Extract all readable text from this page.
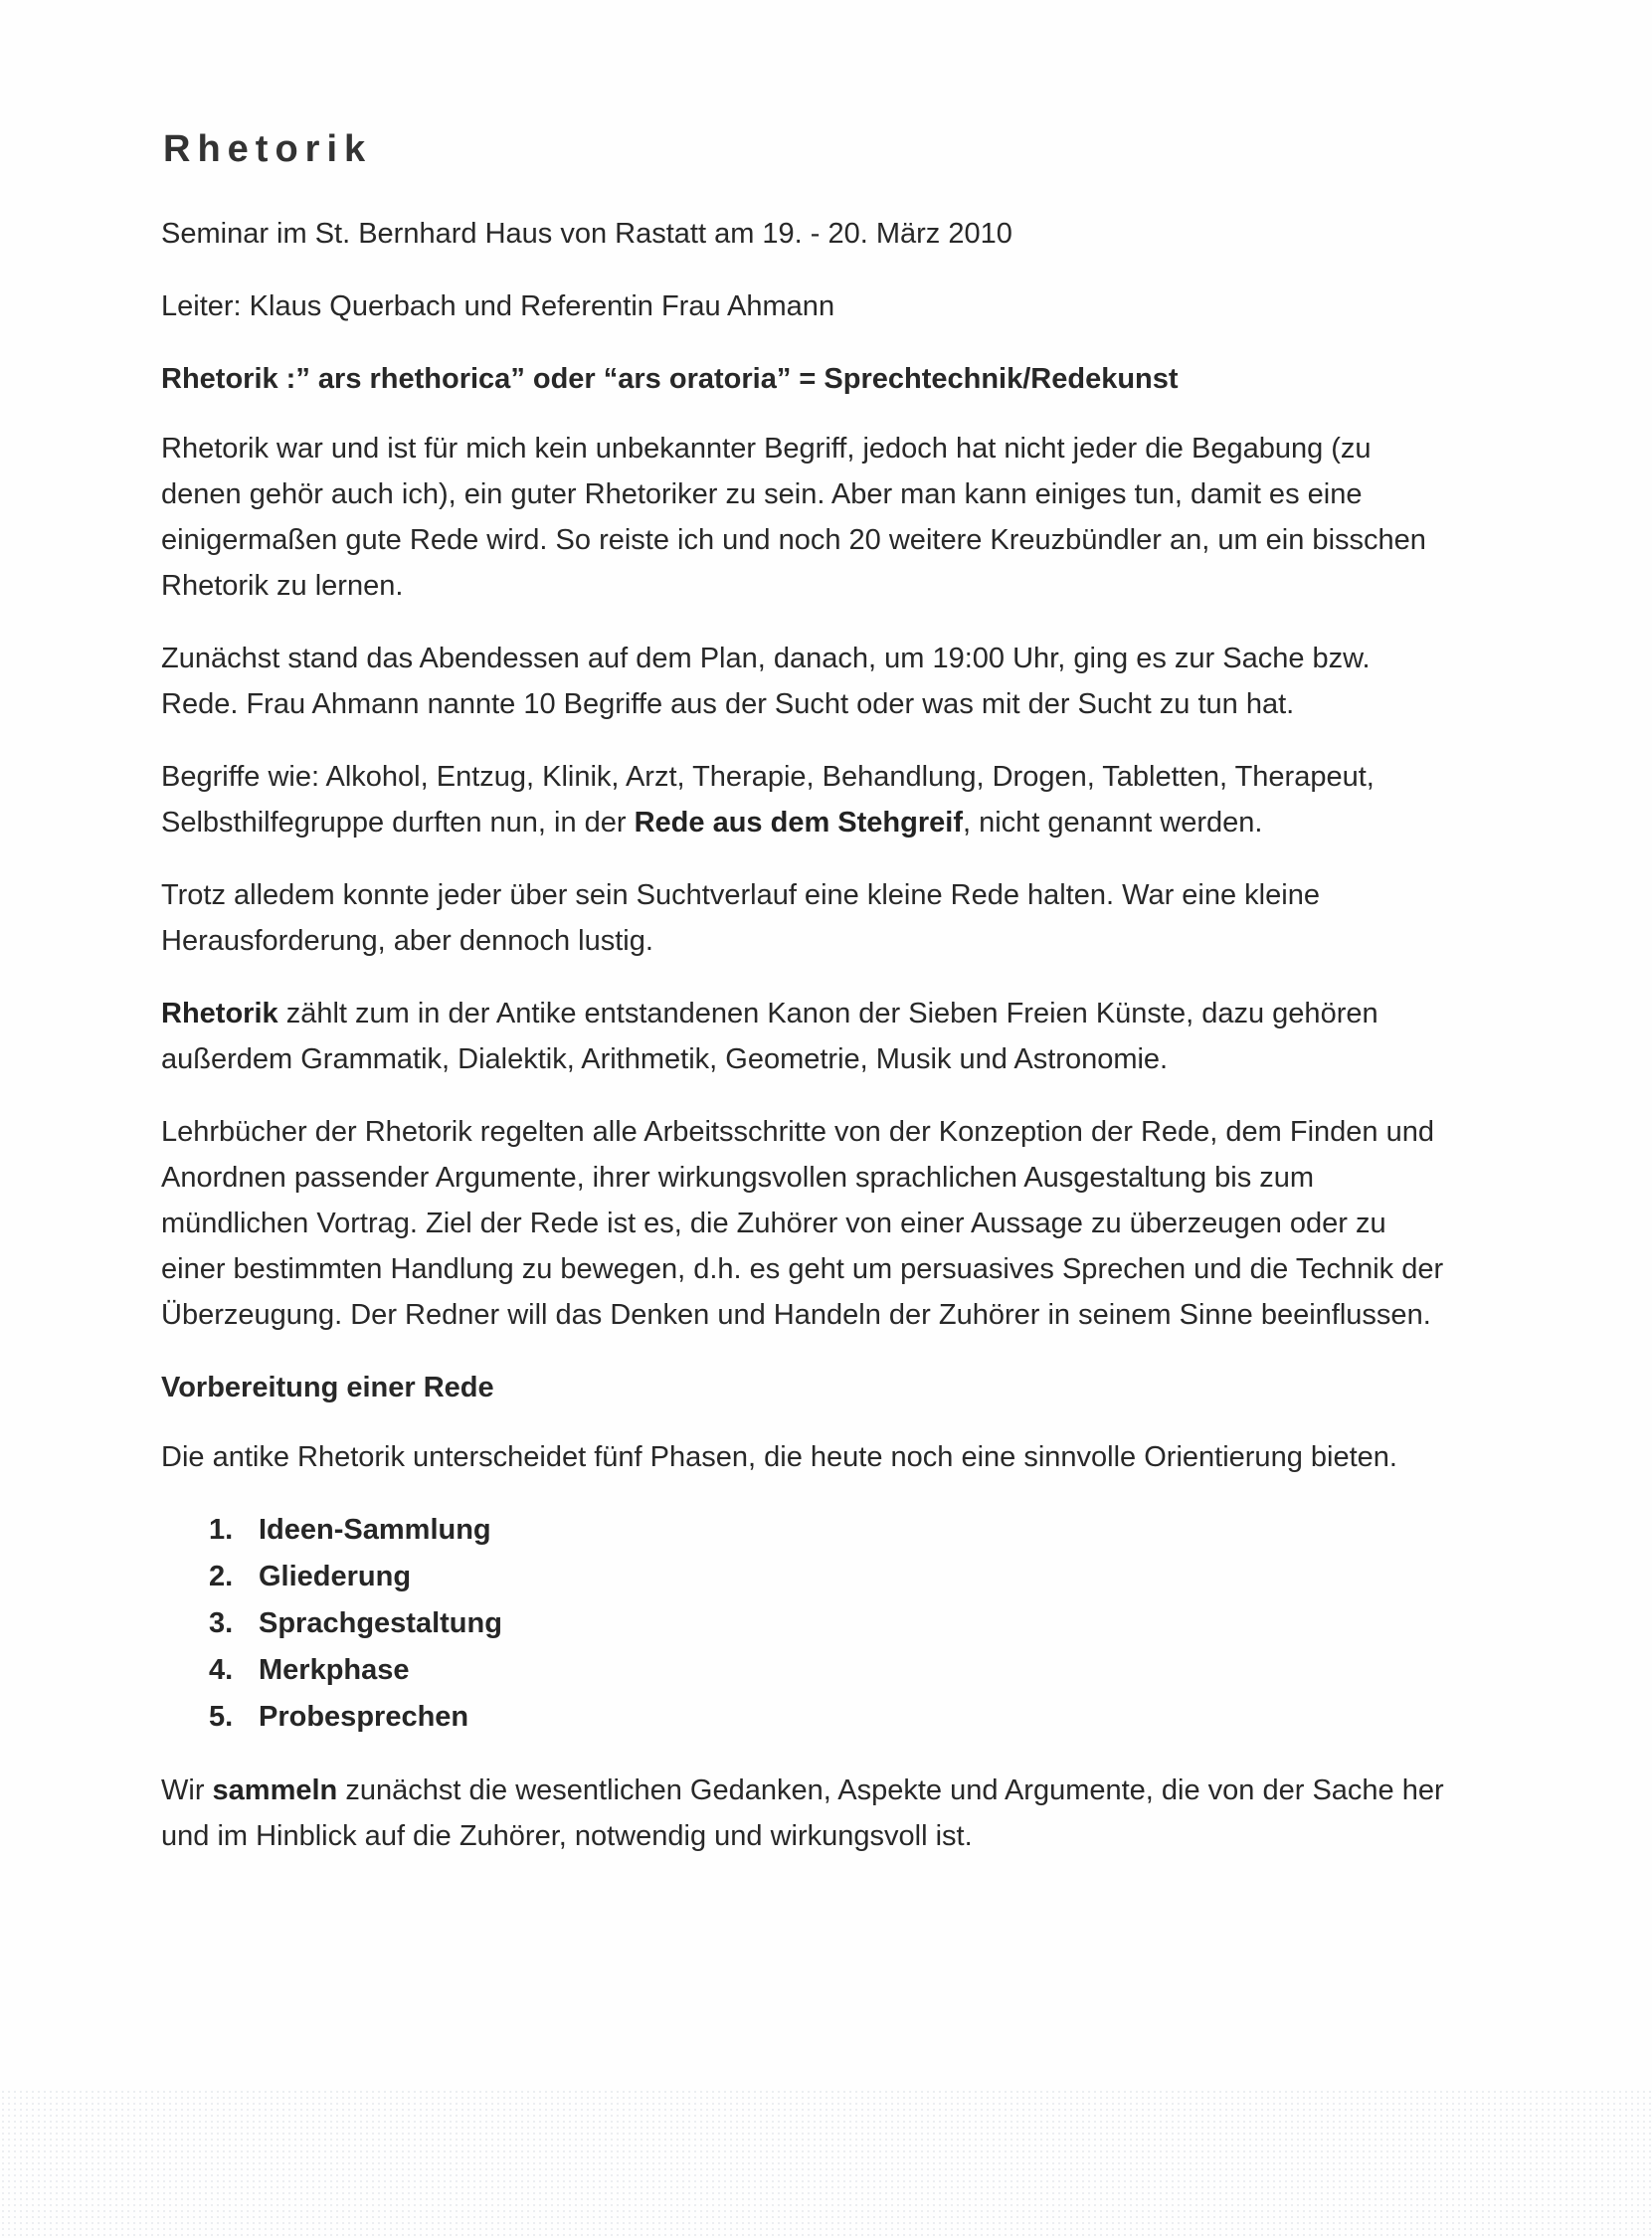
Rhetorik

Seminar im St. Bernhard Haus von Rastatt am 19. - 20. März 2010

Leiter: Klaus Querbach und Referentin Frau Ahmann

Rhetorik :” ars rhethorica” oder “ars oratoria” = Sprechtechnik/Redekunst

Rhetorik war und ist für mich kein unbekannter Begriff, jedoch hat nicht jeder die Begabung (zu denen gehör auch ich), ein guter Rhetoriker zu sein. Aber man kann einiges tun, damit es eine einigermaßen gute Rede wird. So reiste ich und noch 20 weitere Kreuzbündler an, um ein bisschen Rhetorik zu lernen.

Zunächst stand das Abendessen auf dem Plan, danach, um 19:00 Uhr, ging es zur Sache bzw. Rede. Frau Ahmann nannte 10 Begriffe aus der Sucht oder was mit der Sucht zu tun hat.

Begriffe wie: Alkohol, Entzug, Klinik, Arzt, Therapie, Behandlung, Drogen, Tabletten, Therapeut, Selbsthilfegruppe durften nun, in der Rede aus dem Stehgreif, nicht genannt werden.

Trotz alledem konnte jeder über sein Suchtverlauf eine kleine Rede halten. War eine kleine Herausforderung, aber dennoch lustig.

Rhetorik zählt zum in der Antike entstandenen Kanon der Sieben Freien Künste, dazu gehören außerdem Grammatik, Dialektik, Arithmetik, Geometrie, Musik und Astronomie.

Lehrbücher der Rhetorik regelten alle Arbeitsschritte von der Konzeption der Rede, dem Finden und Anordnen passender Argumente, ihrer wirkungsvollen sprachlichen Ausgestaltung bis zum mündlichen Vortrag. Ziel der Rede ist es, die Zuhörer von einer Aussage zu überzeugen oder zu einer bestimmten Handlung zu bewegen, d.h. es geht um persuasives Sprechen und die Technik der Überzeugung. Der Redner will das Denken und Handeln der Zuhörer in seinem Sinne beeinflussen.

Vorbereitung einer Rede

Die antike Rhetorik unterscheidet fünf Phasen, die heute noch eine sinnvolle Orientierung bieten.

1. Ideen-Sammlung
2. Gliederung
3. Sprachgestaltung
4. Merkphase
5. Probesprechen

Wir sammeln zunächst die wesentlichen Gedanken, Aspekte und Argumente, die von der Sache her und im Hinblick auf die Zuhörer, notwendig und wirkungsvoll ist.
